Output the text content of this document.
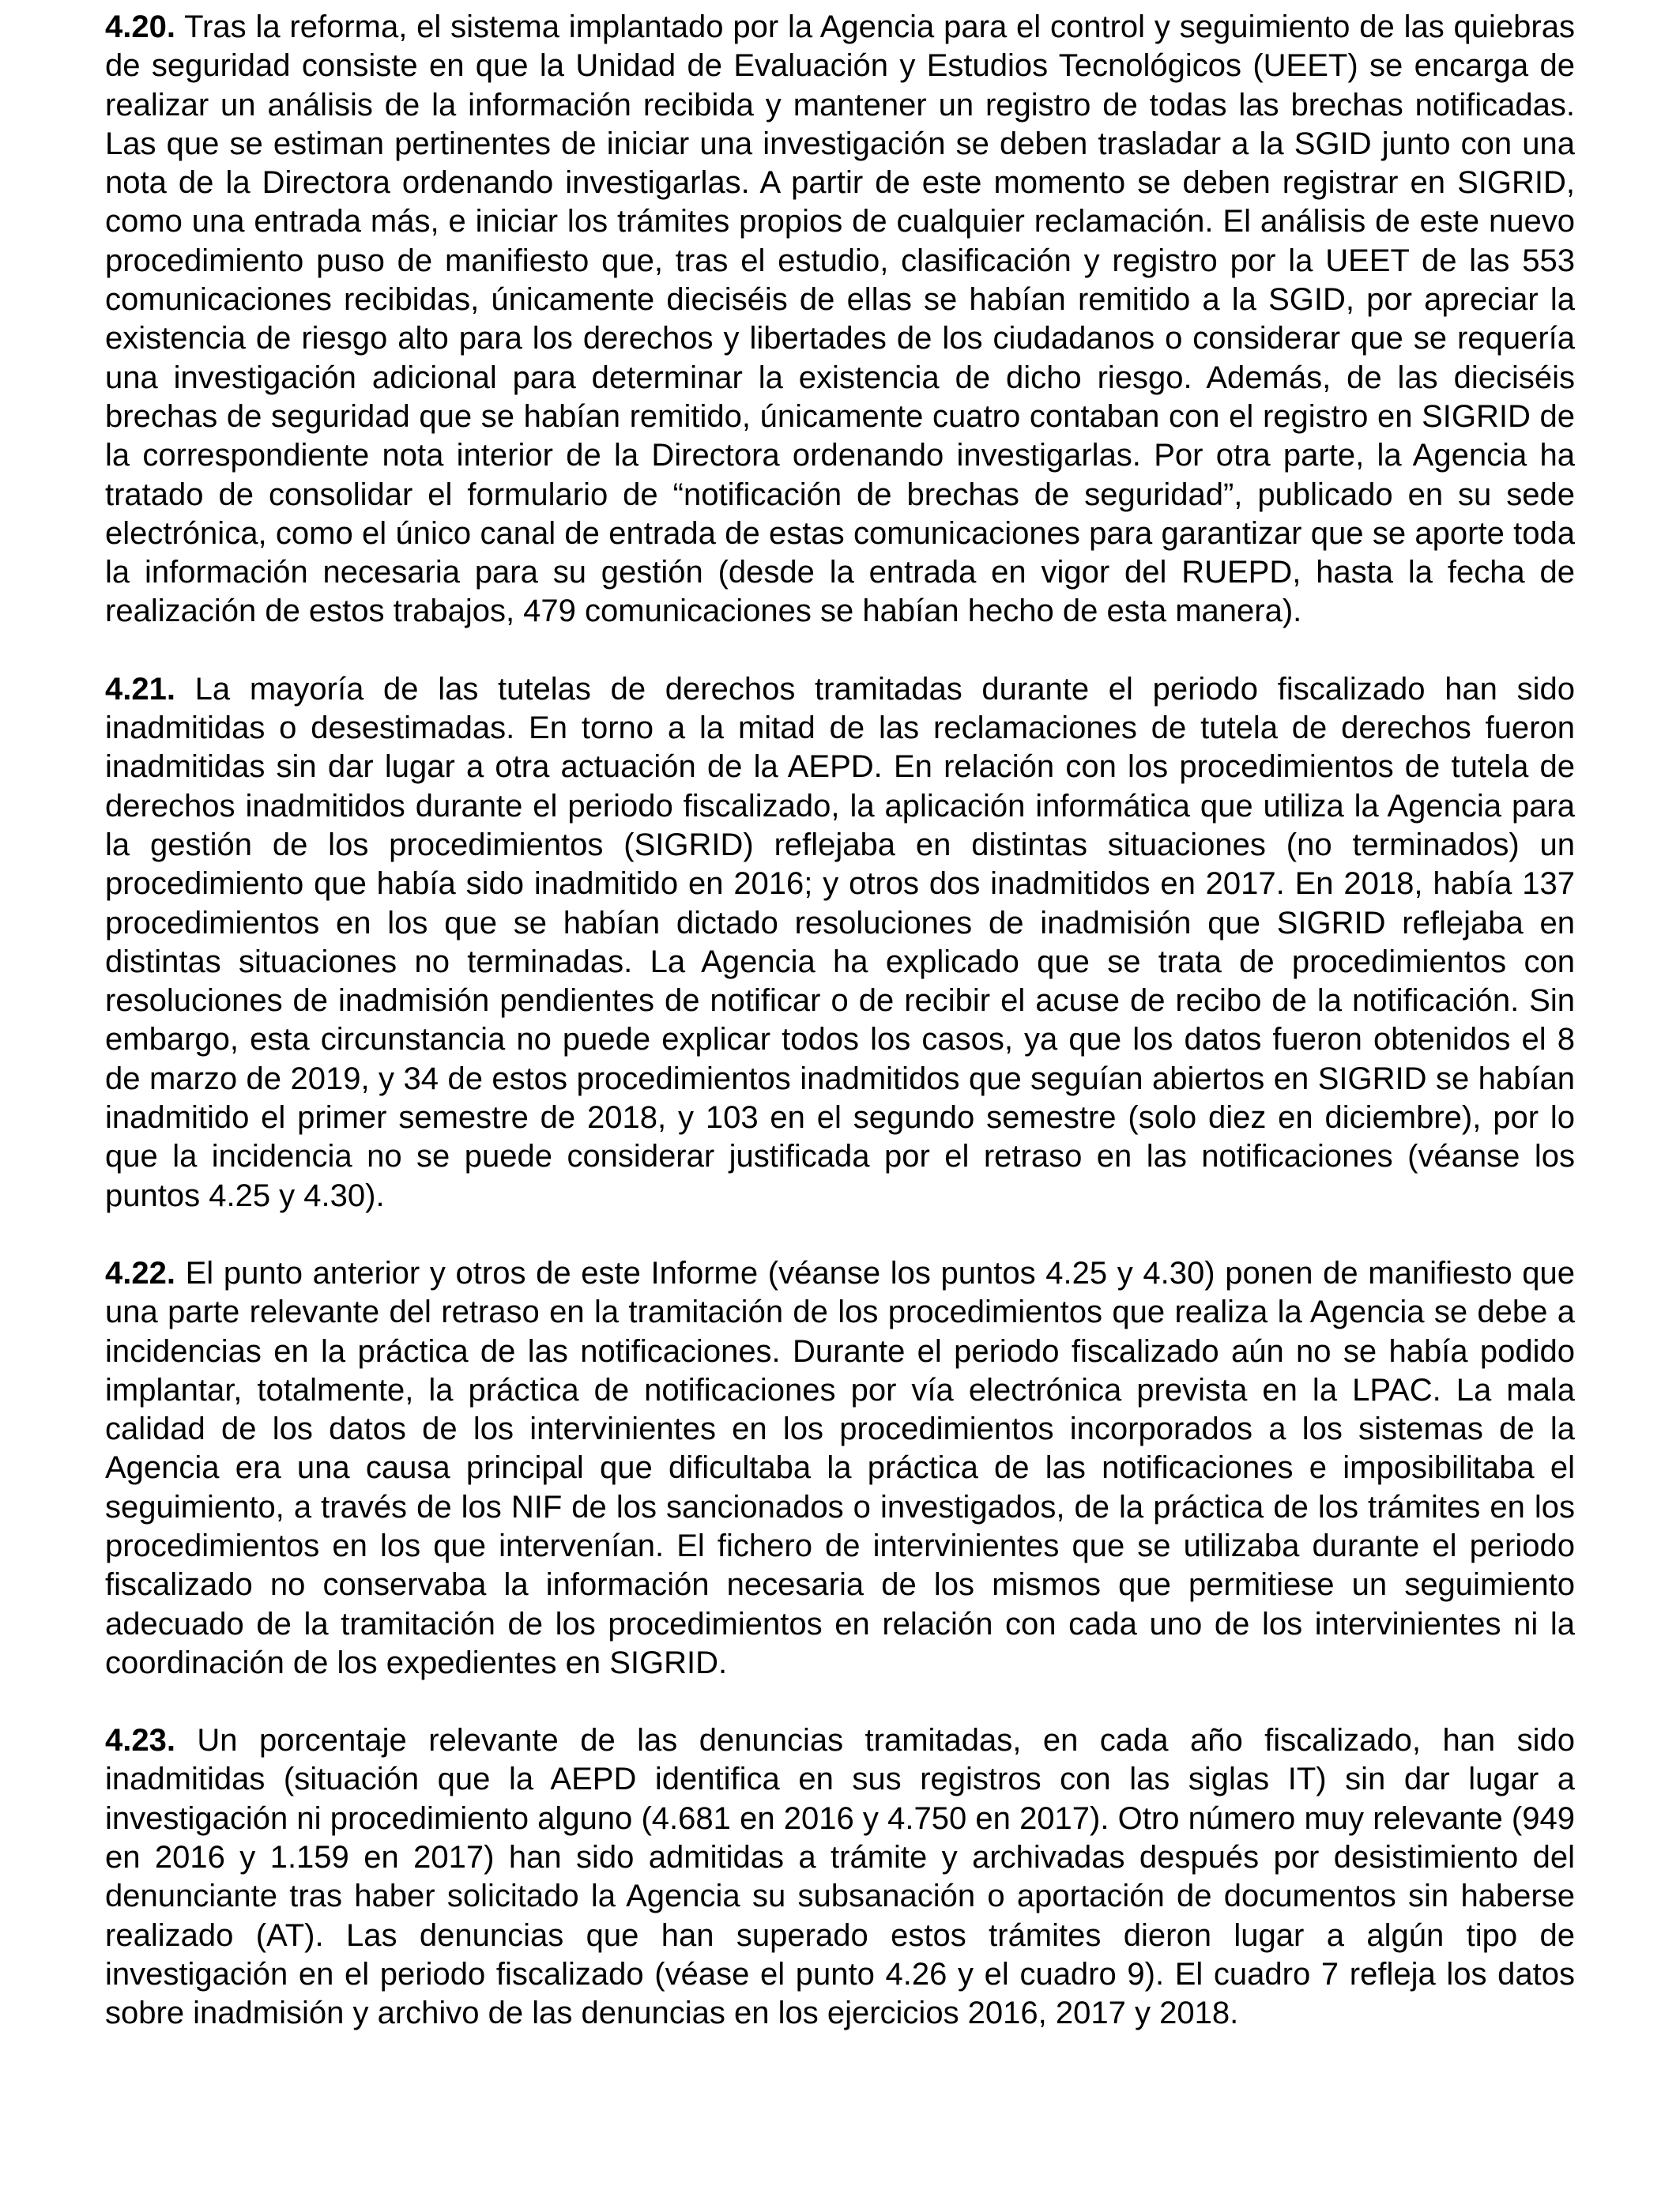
4.20. Tras la reforma, el sistema implantado por la Agencia para el control y seguimiento de las quiebras de seguridad consiste en que la Unidad de Evaluación y Estudios Tecnológicos (UEET) se encarga de realizar un análisis de la información recibida y mantener un registro de todas las brechas notificadas. Las que se estiman pertinentes de iniciar una investigación se deben trasladar a la SGID junto con una nota de la Directora ordenando investigarlas. A partir de este momento se deben registrar en SIGRID, como una entrada más, e iniciar los trámites propios de cualquier reclamación. El análisis de este nuevo procedimiento puso de manifiesto que, tras el estudio, clasificación y registro por la UEET de las 553 comunicaciones recibidas, únicamente dieciséis de ellas se habían remitido a la SGID, por apreciar la existencia de riesgo alto para los derechos y libertades de los ciudadanos o considerar que se requería una investigación adicional para determinar la existencia de dicho riesgo. Además, de las dieciséis brechas de seguridad que se habían remitido, únicamente cuatro contaban con el registro en SIGRID de la correspondiente nota interior de la Directora ordenando investigarlas. Por otra parte, la Agencia ha tratado de consolidar el formulario de “notificación de brechas de seguridad”, publicado en su sede electrónica, como el único canal de entrada de estas comunicaciones para garantizar que se aporte toda la información necesaria para su gestión (desde la entrada en vigor del RUEPD, hasta la fecha de realización de estos trabajos, 479 comunicaciones se habían hecho de esta manera).

4.21. La mayoría de las tutelas de derechos tramitadas durante el periodo fiscalizado han sido inadmitidas o desestimadas. En torno a la mitad de las reclamaciones de tutela de derechos fueron inadmitidas sin dar lugar a otra actuación de la AEPD. En relación con los procedimientos de tutela de derechos inadmitidos durante el periodo fiscalizado, la aplicación informática que utiliza la Agencia para la gestión de los procedimientos (SIGRID) reflejaba en distintas situaciones (no terminados) un procedimiento que había sido inadmitido en 2016; y otros dos inadmitidos en 2017. En 2018, había 137 procedimientos en los que se habían dictado resoluciones de inadmisión que SIGRID reflejaba en distintas situaciones no terminadas. La Agencia ha explicado que se trata de procedimientos con resoluciones de inadmisión pendientes de notificar o de recibir el acuse de recibo de la notificación. Sin embargo, esta circunstancia no puede explicar todos los casos, ya que los datos fueron obtenidos el 8 de marzo de 2019, y 34 de estos procedimientos inadmitidos que seguían abiertos en SIGRID se habían inadmitido el primer semestre de 2018, y 103 en el segundo semestre (solo diez en diciembre), por lo que la incidencia no se puede considerar justificada por el retraso en las notificaciones (véanse los puntos 4.25 y 4.30).

4.22. El punto anterior y otros de este Informe (véanse los puntos 4.25 y 4.30) ponen de manifiesto que una parte relevante del retraso en la tramitación de los procedimientos que realiza la Agencia se debe a incidencias en la práctica de las notificaciones. Durante el periodo fiscalizado aún no se había podido implantar, totalmente, la práctica de notificaciones por vía electrónica prevista en la LPAC. La mala calidad de los datos de los intervinientes en los procedimientos incorporados a los sistemas de la Agencia era una causa principal que dificultaba la práctica de las notificaciones e imposibilitaba el seguimiento, a través de los NIF de los sancionados o investigados, de la práctica de los trámites en los procedimientos en los que intervenían. El fichero de intervinientes que se utilizaba durante el periodo fiscalizado no conservaba la información necesaria de los mismos que permitiese un seguimiento adecuado de la tramitación de los procedimientos en relación con cada uno de los intervinientes ni la coordinación de los expedientes en SIGRID.

4.23. Un porcentaje relevante de las denuncias tramitadas, en cada año fiscalizado, han sido inadmitidas (situación que la AEPD identifica en sus registros con las siglas IT) sin dar lugar a investigación ni procedimiento alguno (4.681 en 2016 y 4.750 en 2017). Otro número muy relevante (949 en 2016 y 1.159 en 2017) han sido admitidas a trámite y archivadas después por desistimiento del denunciante tras haber solicitado la Agencia su subsanación o aportación de documentos sin haberse realizado (AT). Las denuncias que han superado estos trámites dieron lugar a algún tipo de investigación en el periodo fiscalizado (véase el punto 4.26 y el cuadro 9). El cuadro 7 refleja los datos sobre inadmisión y archivo de las denuncias en los ejercicios 2016, 2017 y 2018.
